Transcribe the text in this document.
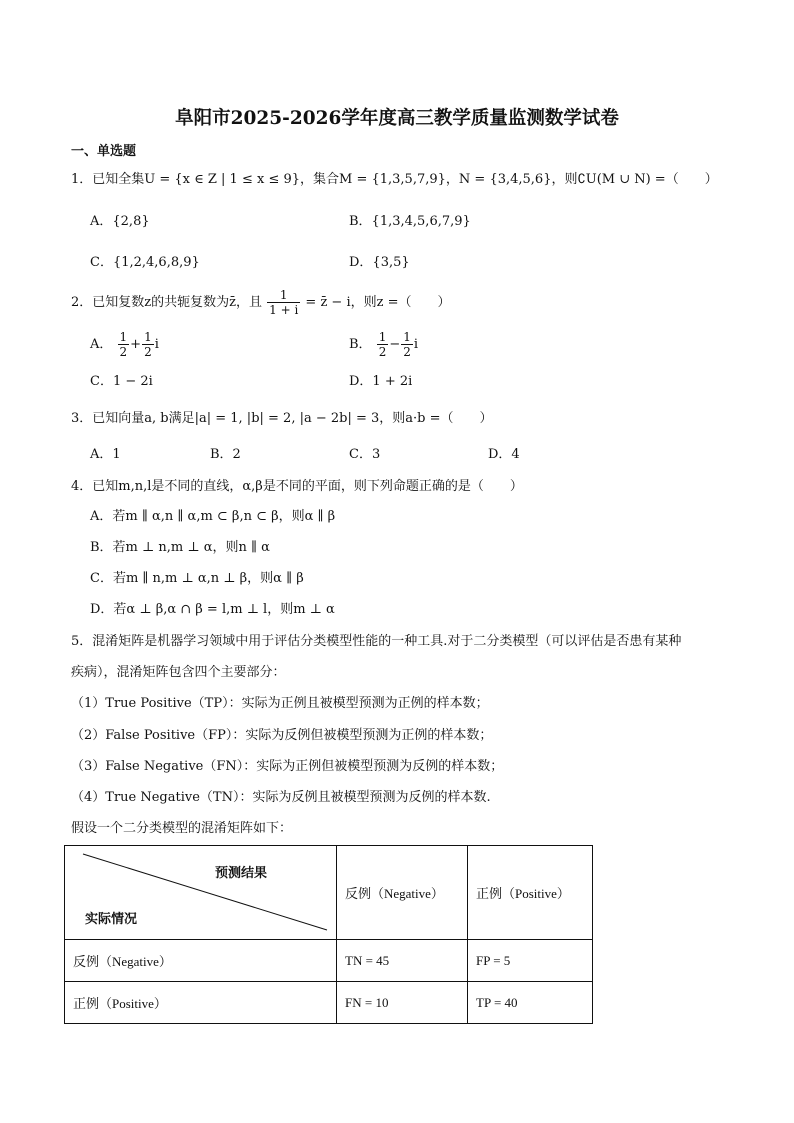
阜阳市2025-2026学年度高三教学质量监测数学试卷
一、单选题
1．已知全集U = {x ∈ Z | 1 ≤ x ≤ 9}，集合M = {1,3,5,7,9}，N = {3,4,5,6}，则∁U(M ∪ N) =（　　）
A．{2,8}	B．{1,3,4,5,6,7,9}
C．{1,2,4,6,8,9}	D．{3,5}
2．已知复数z的共轭复数为z̄，且 $\frac{1}{1 + i}$ = z̄ − i，则z =（　　）
A． $\frac{1}{2} + \frac{1}{2}$ i	B． $\frac{1}{2} - \frac{1}{2}$ i
C．1 − 2i	D．1 + 2i
3．已知向量a, b满足|a| = 1, |b| = 2, |a − 2b| = 3，则a·b =（　　）
A．1	B．2	C．3	D．4
4．已知m,n,l是不同的直线，α,β是不同的平面，则下列命题正确的是（　　）
A．若m ∥ α,n ∥ α,m ⊂ β,n ⊂ β，则α ∥ β
B．若m ⊥ n,m ⊥ α，则n ∥ α
C．若m ∥ n,m ⊥ α,n ⊥ β，则α ∥ β
D．若α ⊥ β,α ∩ β = l,m ⊥ l，则m ⊥ α
5．混淆矩阵是机器学习领域中用于评估分类模型性能的一种工具.对于二分类模型（可以评估是否患有某种
疾病），混淆矩阵包含四个主要部分：
（1）True Positive（TP）：实际为正例且被模型预测为正例的样本数；
（2）False Positive（FP）：实际为反例但被模型预测为正例的样本数；
（3）False Negative（FN）：实际为正例但被模型预测为反例的样本数；
（4）True Negative（TN）：实际为反例且被模型预测为反例的样本数.
假设一个二分类模型的混淆矩阵如下：
预测结果
实际情况	反例（Negative）	正例（Positive）
反例（Negative）	TN = 45	FP = 5
正例（Positive）	FN = 10	TP = 40
